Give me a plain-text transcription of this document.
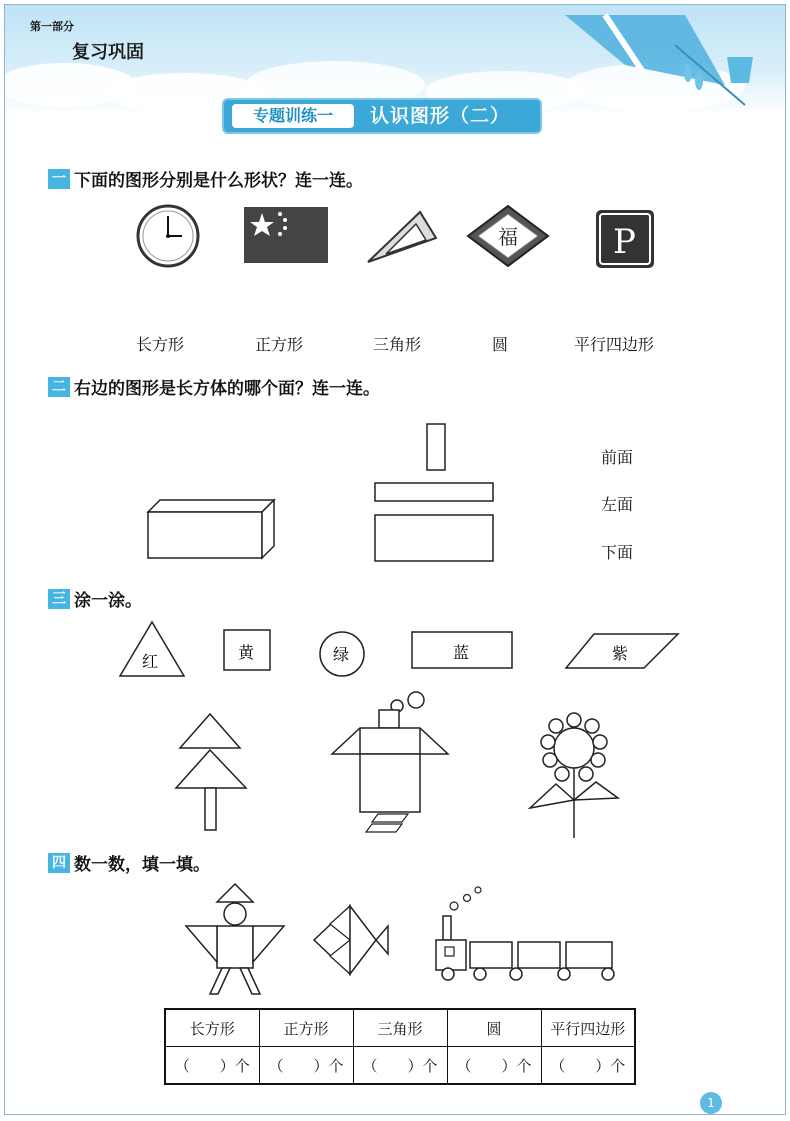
第一部分
复习巩固
专题训练一	认识图形（二）
一 下面的图形分别是什么形状？连一连。
福	P
长方形	正方形	三角形	圆	平行四边形
二 右边的图形是长方体的哪个面？连一连。
前面
左面
下面
三 涂一涂。
红	黄	绿	蓝	紫
四 数一数，填一填。
长方形	正方形	三角形	圆	平行四边形
（　　）个	（　　）个	（　　）个	（　　）个	（　　）个
1
